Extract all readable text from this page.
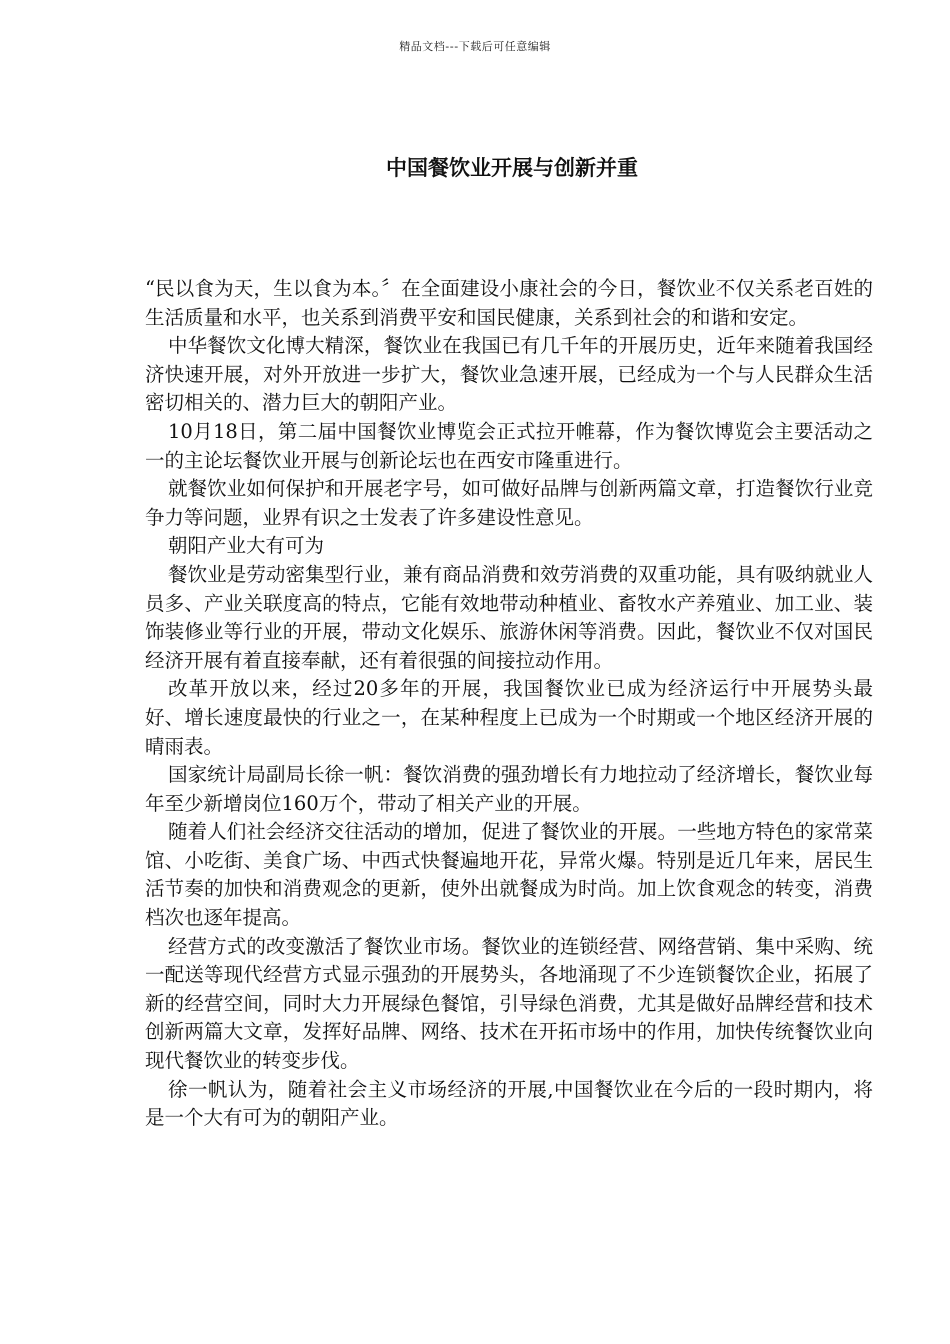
精品文档---下载后可任意编辑
中国餐饮业开展与创新并重

“民以食为天，生以食为本。〞在全面建设小康社会的今日，餐饮业不仅关系老百姓的生活质量和水平，也关系到消费平安和国民健康，关系到社会的和谐和安定。

中华餐饮文化博大精深，餐饮业在我国已有几千年的开展历史，近年来随着我国经济快速开展，对外开放进一步扩大，餐饮业急速开展，已经成为一个与人民群众生活密切相关的、潜力巨大的朝阳产业。

10月18日，第二届中国餐饮业博览会正式拉开帷幕，作为餐饮博览会主要活动之一的主论坛餐饮业开展与创新论坛也在西安市隆重进行。

就餐饮业如何保护和开展老字号，如可做好品牌与创新两篇文章，打造餐饮行业竞争力等问题，业界有识之士发表了许多建设性意见。

朝阳产业大有可为

餐饮业是劳动密集型行业，兼有商品消费和效劳消费的双重功能，具有吸纳就业人员多、产业关联度高的特点，它能有效地带动种植业、畜牧水产养殖业、加工业、装饰装修业等行业的开展，带动文化娱乐、旅游休闲等消费。因此，餐饮业不仅对国民经济开展有着直接奉献，还有着很强的间接拉动作用。

改革开放以来，经过20多年的开展，我国餐饮业已成为经济运行中开展势头最好、增长速度最快的行业之一，在某种程度上已成为一个时期或一个地区经济开展的晴雨表。

国家统计局副局长徐一帆：餐饮消费的强劲增长有力地拉动了经济增长，餐饮业每年至少新增岗位160万个，带动了相关产业的开展。

随着人们社会经济交往活动的增加，促进了餐饮业的开展。一些地方特色的家常菜馆、小吃街、美食广场、中西式快餐遍地开花，异常火爆。特别是近几年来，居民生活节奏的加快和消费观念的更新，使外出就餐成为时尚。加上饮食观念的转变，消费档次也逐年提高。

经营方式的改变激活了餐饮业市场。餐饮业的连锁经营、网络营销、集中采购、统一配送等现代经营方式显示强劲的开展势头，各地涌现了不少连锁餐饮企业，拓展了新的经营空间，同时大力开展绿色餐馆，引导绿色消费，尤其是做好品牌经营和技术创新两篇大文章，发挥好品牌、网络、技术在开拓市场中的作用，加快传统餐饮业向现代餐饮业的转变步伐。

徐一帆认为，随着社会主义市场经济的开展,中国餐饮业在今后的一段时期内，将是一个大有可为的朝阳产业。
